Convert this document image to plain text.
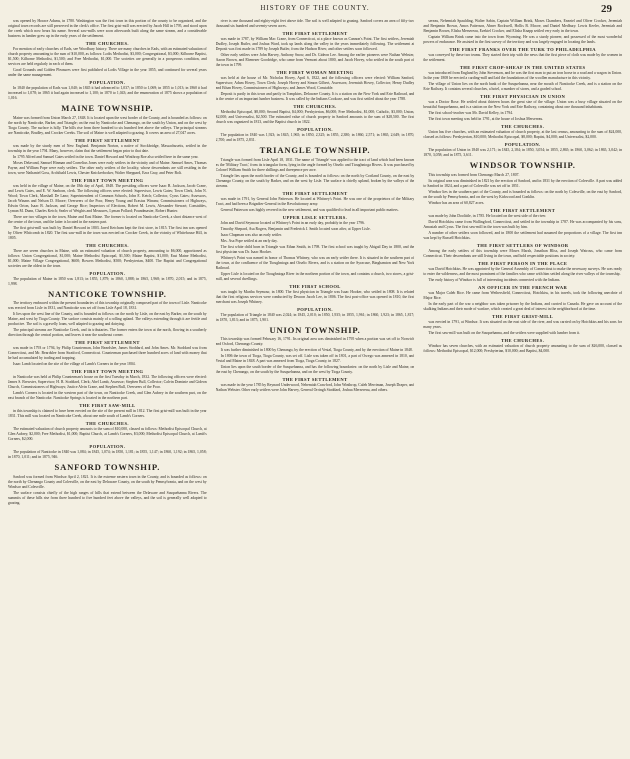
HISTORY OF THE COUNTY.	29

was opened by Horace Adams, in 1780. Washington was the first town in this portion of the county to be organized, and the original town records are still preserved in the clerk's office. The first grist-mill was erected by Jacob Hill in 1795, and stood upon the creek which now bears his name. Several saw-mills were soon afterwards built along the same stream, and a considerable business in lumber grew up in the early years of the settlement.

THE CHURCHES.

For mention of early churches of Eads, see Woodbury history. There are many churches in Eads, with an estimated valuation of church property amounting to the sum of $10,000, as follows: Lodis Methodist, $3,000; Congregational, $3,000; Kilborne Baptist, $1,500; Kilborne Methodist, $1,500; and Free Methodist, $1,000. The societies are generally in a prosperous condition, and services are held regularly in each of them.

Good Grounds and Golden Pleasures were first published at Lodis Village in the year 1855, and continued for several years under the same management.

POPULATION.

In 1840 the population of Eads was 1,040; in 1845 it had advanced to 1,037; in 1850 to 1,069; in 1855 to 1,013; in 1860 it had increased to 1,078; in 1865 it had again increased to 1,100; in 1870 to 1,043; and the enumeration of 1875 shows a population of 1,016.

MAINE TOWNSHIP.

Maine was formed from Union March 27, 1848. It is located upon the west border of the County, and is bounded as follows: on the north by Nanticoke, Barker, and Triangle; on the east by Nanticoke and Chenango, on the south by Union, and on the west by Tioga County. The surface is hilly. The hills rise from three hundred to six hundred feet above the valleys. The principal streams are Nanticoke, Bradley, and Crocker Creeks. The soil of Maine is well adapted to grazing. It covers an area of 27,047 acres.

THE FIRST SETTLEMENT

was made by the sturdy men of New England. Benjamin Norton, a native of Stockbridge, Massachusetts, settled in the township in the year 1794. Many, however, claim that the settlement began prior to that date.

In 1795 Alfred and Samuel Gates settled in the town. Daniel Howard and Winthrop Roe also settled here in the same year.

Moses Delavand, Samuel Hinman and Cornelius Jones were early settlers in the vicinity and of Maine. Samuel Ames, Thomas Payne, and William Pope were early settlers. The other early settlers of the locality, whose descendants are still residing in the town, were Nathaniel Goss, Archibald Lewis, Chester Knickerbocker, Walter Sheppard, Ezra Gray, and Peter Bolt.

THE FIRST TOWN MEETING

was held in the village of Maine, on the 18th day of April, 1848. The presiding officers were Isaac B. Jackson, Jacob Crane, and Lewis Gates, and E. W. Sanborn, clerk. The following officers were elected: Supervisor, Lewis Gates; Town Clerk, John N. Wood; Town Clerk, Marshall De Lano; Superintendent of Common Schools, John E. Ketch; Collector, Cyrus Gates; Assessors, Jacob Winans and Nelson D. Moore; Overseers of the Poor, Henry Young and Erastus Winans; Commissioners of Highways, Edwin Orton, Isaac B. Jackson, and George Rice; Inspectors of Elections, Robert M. Lewis, Alexander Stewart; Constables, Lyman M. Dunn, Charles Ketch; Sealer of Weights and Measures, Lyman Pollard; Poundmaster, Robert Hunter.

There are two villages in the town, Maine and East Maine. The former is located on Nanticoke Creek, a short distance west of the centre of the town, and the latter is located in the eastern part.

The first grist-mill was built by Daniel Howard in 1803. Jared Ketchum kept the first store, in 1815. The first inn was opened by Oliver Whitcomb in 1820. The first saw-mill in the town was erected on Crocker Creek, in the vicinity of Whitehouse Hill, in 1805.

THE CHURCHES.

There are seven churches in Maine, with an estimated valuation of church property, amounting to $6,000, apportioned as follows: Union Congregational, $1,000; Maine Methodist Episcopal, $1,500; Maine Baptist, $1,000; East Maine Methodist, $1,000; Maine Village Congregational, $600; Bowers Methodist, $500; Presbyterian, $400. The Baptist and Congregational societies are the oldest in the town.

POPULATION.

The population of Maine in 1850 was 1,813; in 1855, 1,879; in 1860, 1,888; in 1865, 1,968; in 1870, 2,015; and in 1875, 1,998.

NANTICOKE TOWNSHIP.

The territory embraced within the present boundaries of this township originally composed part of the town of Lisle. Nanticoke was erected from Lisle in 1831, and Nanticoke was set off from Lisle April 18, 1831.

It lies upon the west line of the County, and is bounded as follows: on the north by Lisle, on the east by Barker, on the south by Maine, and west by Tioga County. The surface consists mainly of a rolling upland. The valleys extending through it are fertile and productive. The soil is a gravelly loam, well adapted to grazing and dairying.

The principal streams are Nanticoke Creek, and its tributaries. The former enters the town at the north, flowing in a southerly direction through the central portion, and leaves it near the southeast corner.

THE FIRST SETTLEMENT

was made in 1793 or 1794, by Philip Counterman, John Beardslee, James Stoddard, and John Ames. Mr. Stoddard was from Connecticut, and Mr. Beardslee from Stratford, Connecticut. Counterman purchased three hundred acres of land with money that he had accumulated by trading and trapping.

Isaac Lamb located on the site of the village of Lamb's Corners in the year 1804.

THE FIRST TOWN MEETING

in Nanticoke was held at Philip Counterman's house on the first Tuesday in March, 1832. The following officers were elected: James S. Brewster, Supervisor; H. R. Stoddard, Clerk; Abel Lamb, Assessor; Stephen Bull, Collector; Calvin Dominie and Gideon Church, Commissioners of Highways; Justice Alvin Crane, and Stephen Bull, Overseers of the Poor.

Lamb's Corners is located in the western part of the town, on Nanticoke Creek, and Glen Aubrey in the southern part, on the east branch of the Nanticoke. Nanticoke Springs is located in the northern part.

THE FIRST SAW-MILL

in this township is claimed to have been erected on the site of the present mill in 1812. The first grist-mill was built in the year 1831. This mill was located on Nanticoke Creek, about one mile south of Lamb's Corners.

THE CHURCHES.

The estimated valuation of church property amounts to the sum of $10,000, classed as follows: Methodist Episcopal Church, at Glen Aubrey, $2,000; Free Methodist, $1,000; Baptist Church, at Lamb's Corners, $3,000; Methodist Episcopal Church, at Lamb's Corners, $2,000.

POPULATION.

The population of Nanticoke in 1840 was 1,084; in 1845, 1,074; in 1850, 1,181; in 1855, 1,147; in 1860, 1,192; in 1865, 1,058; in 1870, 1,011; and in 1875, 946.

SANFORD TOWNSHIP.

Sanford was formed from Windsor April 2, 1821. It is the extreme eastern town in the County, and is bounded as follows: on the north by Chenango County and Colesville, on the east by Delaware County, on the south by Pennsylvania, and on the west by Windsor and Colesville.

The surface consists chiefly of the high ranges of hills that extend between the Delaware and Susquehanna Rivers. The summits of these hills rise from three hundred to five hundred feet above the valleys, and the soil is generally well adapted to grazing.

river is one thousand and eighty-eight feet above tide. The soil is well adapted to grazing. Sanford covers an area of fifty-two thousand six hundred and seventy-seven acres.

THE FIRST SETTLEMENT

was made in 1787, by William Mac Crane, from Connecticut, at a place known as Cannon's Point. The first settlers, Jeremiah Dudley, Joseph Butler, and Joshua Ward, took up lands along the valley in the years immediately following. The settlement at Deposit was first made in 1789 by Joseph Butler, from the Hudson River, and other settlers soon followed.

Other early settlers were John Harvey, Anthony Snow, and Dr. Gideon Lee. Among the earlier pioneers were Nathan Webster, Aaron Brown, and Ebenezer Goodridge, who came from Vermont about 1800, and Jacob Hovey, who settled in the south part of the town in 1799.

THE FIRST WOMAN MEETING

was held at the house of Mr. Nicholas Hovey, April 6, 1822, and the following officers were elected: William Sanford, Supervisor; Adam Hovey, Town Clerk; Joseph Hovey and Simon Gilbert, Assessors; Jeremiah Hovey, Collector; Henry Dudley and Ethan Hovey, Commissioners of Highways; and James Wood, Constable.

Deposit is partly in this town and partly in Tompkins, Delaware County. It is a station on the New York and Erie Railroad, and is the centre of an important lumber business. It was called by the Indians Cookoze, and was first settled about the year 1788.

THE CHURCHES.

Methodist Episcopal, $8,000; Second Baptist, $4,000; Presbyterian, $6,000; Free Methodist, $1,000; Catholic, $3,000; Union, $2,000; and Universalist, $2,500. The estimated value of church property in Sanford amounts to the sum of $28,500. The first church was organized in 1813, and the Baptist church in 1822.

POPULATION.

The population in 1840 was 1,923; in 1845, 1,965; in 1850, 2,325; in 1855, 2,380; in 1860, 2,571; in 1865, 2,649; in 1870, 2,700; and in 1875, 2,831.

TRIANGLE TOWNSHIP.

Triangle was formed from Lisle April 18, 1831. The name of 'Triangle' was applied to the tract of land which had been known as the 'Military Tract,' from its triangular form, lying in the angle formed by Otselic and Tioughnioga Rivers. It was purchased by Colonel William Smith for three shillings and threepence per acre.

Triangle lies upon the north border of the County, and is bounded as follows: on the north by Cortland County, on the east by Chenango County, on the south by Barker, and on the west by Lisle. The surface is chiefly upland, broken by the valleys of the streams.

THE FIRST SETTLEMENT

was made in 1791, by General John Patterson. He located at Whitney's Point. He was one of the proprietors of the Military Tract, and had been a Brigadier-General in the Revolutionary army.

General Patterson was highly revered in the new settlement, and was qualified to lead in all important public matters.

UPPER LISLE SETTLERS.

John and David Seymour located at Whitney's Point in an early day, probably in the year 1796.

Timothy Shepard, Asa Rogers, Benjamin and Frederick J. Smith located soon after, at Upper Lisle.

Isaac Chapman was also an early settler.

Mrs. Asa Pope settled at an early day.

The first white child born in Triangle was Ethan Smith, in 1798. The first school was taught by Abigail Day in 1800, and the first physician was Dr. Isaac Hooker.

Whitney's Point was named in honor of Thomas Whitney, who was an early settler there. It is situated in the southern part of the town, at the confluence of the Tioughnioga and Otselic Rivers, and is a station on the Syracuse, Binghamton and New York Railroad.

Upper Lisle is located on the Tioughnioga River in the northern portion of the town, and contains a church, two stores, a grist-mill, and several dwellings.

THE FIRST SCHOOL

was taught by Martha Seymour, in 1800. The first physician in Triangle was Isaac Hooker, who settled in 1808. It is related that the first religious services were conducted by Deacon Jacob Lee, in 1806. The first post-office was opened in 1810, the first merchant was Joseph Whitney.

POPULATION.

The population of Triangle in 1840 was 2,024; in 1845, 2,010; in 1850, 1,935; in 1855, 1,961; in 1860, 1,923; in 1865, 1,817; in 1870, 1,813; and in 1875, 1,901.

UNION TOWNSHIP.

This township was formed February 16, 1791. Its original area was diminished in 1795 when a portion was set off to Norwich and Oxford, Chenango County.

It was further diminished in 1800 by Chenango, by the erection of Vestal, Tioga County, and by the erection of Maine in 1848.

In 1806 the town of Tioga, Tioga County, was set off. Lisle was taken off in 1801, a part of Owego was annexed in 1810, and Vestal and Maine in 1848. A part was annexed from Tioga, Tioga County, in 1827.

Union lies upon the south border of the Susquehanna, and has the following boundaries: on the north by Lisle and Maine, on the east by Chenango, on the south by the Susquehanna, and on the west by Tioga County.

THE FIRST SETTLEMENT

was made in the year 1785 by Reynard Underwood, Nehemiah Crawford, John Winthrop, Caleb Merriman, Joseph Draper, and Nathan Webster. Other early settlers were John Harvey, General Orringh Stoddard, Joshua Mersereau, and others.

sereau, Nehemiah Spaulding, Walter Sabin, Captain William Brink, Moses Chambers, Eneziel and Oliver Crocker, Jeremiah and Benjamin Brown, Amos Patterson, Abner Rockwell, Hollis B. Moore, and Daniel Medbury. Lewis Keeler, Jeremiah and Benjamin Brown, Elisha Mersereau, Ezekiel Crocker, and Elisha Knapp settled very early in the town.

Captain William Brink came into the town from Wyoming. He was a sturdy pioneer, and possessed of the most wonderful powers of endurance. He assisted in the first survey of the territory and was largely engaged in locating the lands.

THE FIRST FRANKS OVER THE TURK TO PHILADELPHIA

was conveyed by these two teams. They started their trip with the news that the first piece of cloth was made by the women in the settlement.

THE FIRST CROP-SHEAF IN THE UNITED STATES

was introduced from England by John Stevenson, and he was the first man to put an iron horse in a road and a wagon in Union. In the year 1808 he erected a carding-mill and laid the foundations of the woollen manufacture in this vicinity.

The village of Union lies on the north bank of the Susquehanna, near the mouth of Nanticoke Creek, and is a station on the Erie Railway. It contains several churches, a hotel, a number of stores, and a graded school.

THE FIRST PHYSICIAN IN UNION

was a Doctor Rose. He settled about thirteen hours the great size of the village. Union was a busy village situated on the beautiful Susquehanna, and is a station on the New York and Erie Railway, containing about one thousand inhabitants.

The first school-teacher was Mr. David Kelley, in 1794.

The first town meeting was held in 1791, at the house of Joshua Mersereau.

THE CHURCHES.

Union has five churches, with an estimated valuation of church property, at the last census, amounting to the sum of $24,000, classed as follows: Presbyterian, $10,000; Methodist Episcopal, $8,000; Baptist, $4,000; and Universalist, $2,000.

POPULATION.

The population of Union in 1840 was 2,171; in 1845, 2,184; in 1850, 3,054; in 1855, 2,865; in 1860, 3,062; in 1865, 3,042; in 1870, 3,058; and in 1875, 3,611.

WINDSOR TOWNSHIP.

This township was formed from Chenango March 27, 1807.

Its original area was diminished in 1821 by the erection of Sanford, and in 1831 by the erection of Colesville. A part was added to Sanford in 1824, and a part of Colesville was set off in 1851.

Windsor lies in the southern part of the County, and is bounded as follows: on the north by Colesville, on the east by Sanford, on the south by Pennsylvania, and on the west by Kirkwood and Conklin.

Windsor has an area of 60,827 acres.

THE FIRST SETTLEMENT

was made by John Doolittle, in 1785. He located on the west side of the river.

David Hotchkiss came from Wallingford, Connecticut, and settled in the township in 1787. He was accompanied by his sons, Amaziah and Cyrus. The first saw-mill in the town was built by him.

A number of other settlers soon followed, and in 1800 the settlement had assumed the proportions of a village. The first inn was kept by Russell Hotchkiss.

THE FIRST SETTLERS OF WINDSOR

Among the early settlers of this township were Moses Marsh, Jonathan Bliss, and Joseph Watrous, who came from Connecticut. Their descendants are still living in the town, and hold respectable positions in society.

THE FIRST PERSON IN THE PLACE

was David Hotchkiss. He was appointed by the General Assembly of Connecticut to make the necessary surveys. He was ready to enter the wilderness, and the most prominent of the families who came with him settled along the river valleys of the township.

The early history of Windsor is full of interesting incidents connected with the Indians.

AN OFFICER IN THE FRENCH WAR

was Major Caleb Rice. He came from Wethersfield, Connecticut, Hotchkiss, in his travels, took the following anecdote of Major Rice.

In the early part of the war a neighbor was taken prisoner by the Indians, and carried to Canada. He gave an account of the skulking Indians and their mode of warfare, which created a great deal of interest in the neighborhood at the time.

THE FIRST GRIST-MILL

was erected in 1791, at Windsor. It was situated on the east side of the river, and was carried on by Hotchkiss and his sons for many years.

The first saw-mill was built on the Susquehanna, and the settlers were supplied with lumber from it.

THE CHURCHES.

Windsor has seven churches, with an estimated valuation of church property amounting to the sum of $26,000, classed as follows: Methodist Episcopal, $12,000; Presbyterian, $10,000; and Baptist, $4,000.
